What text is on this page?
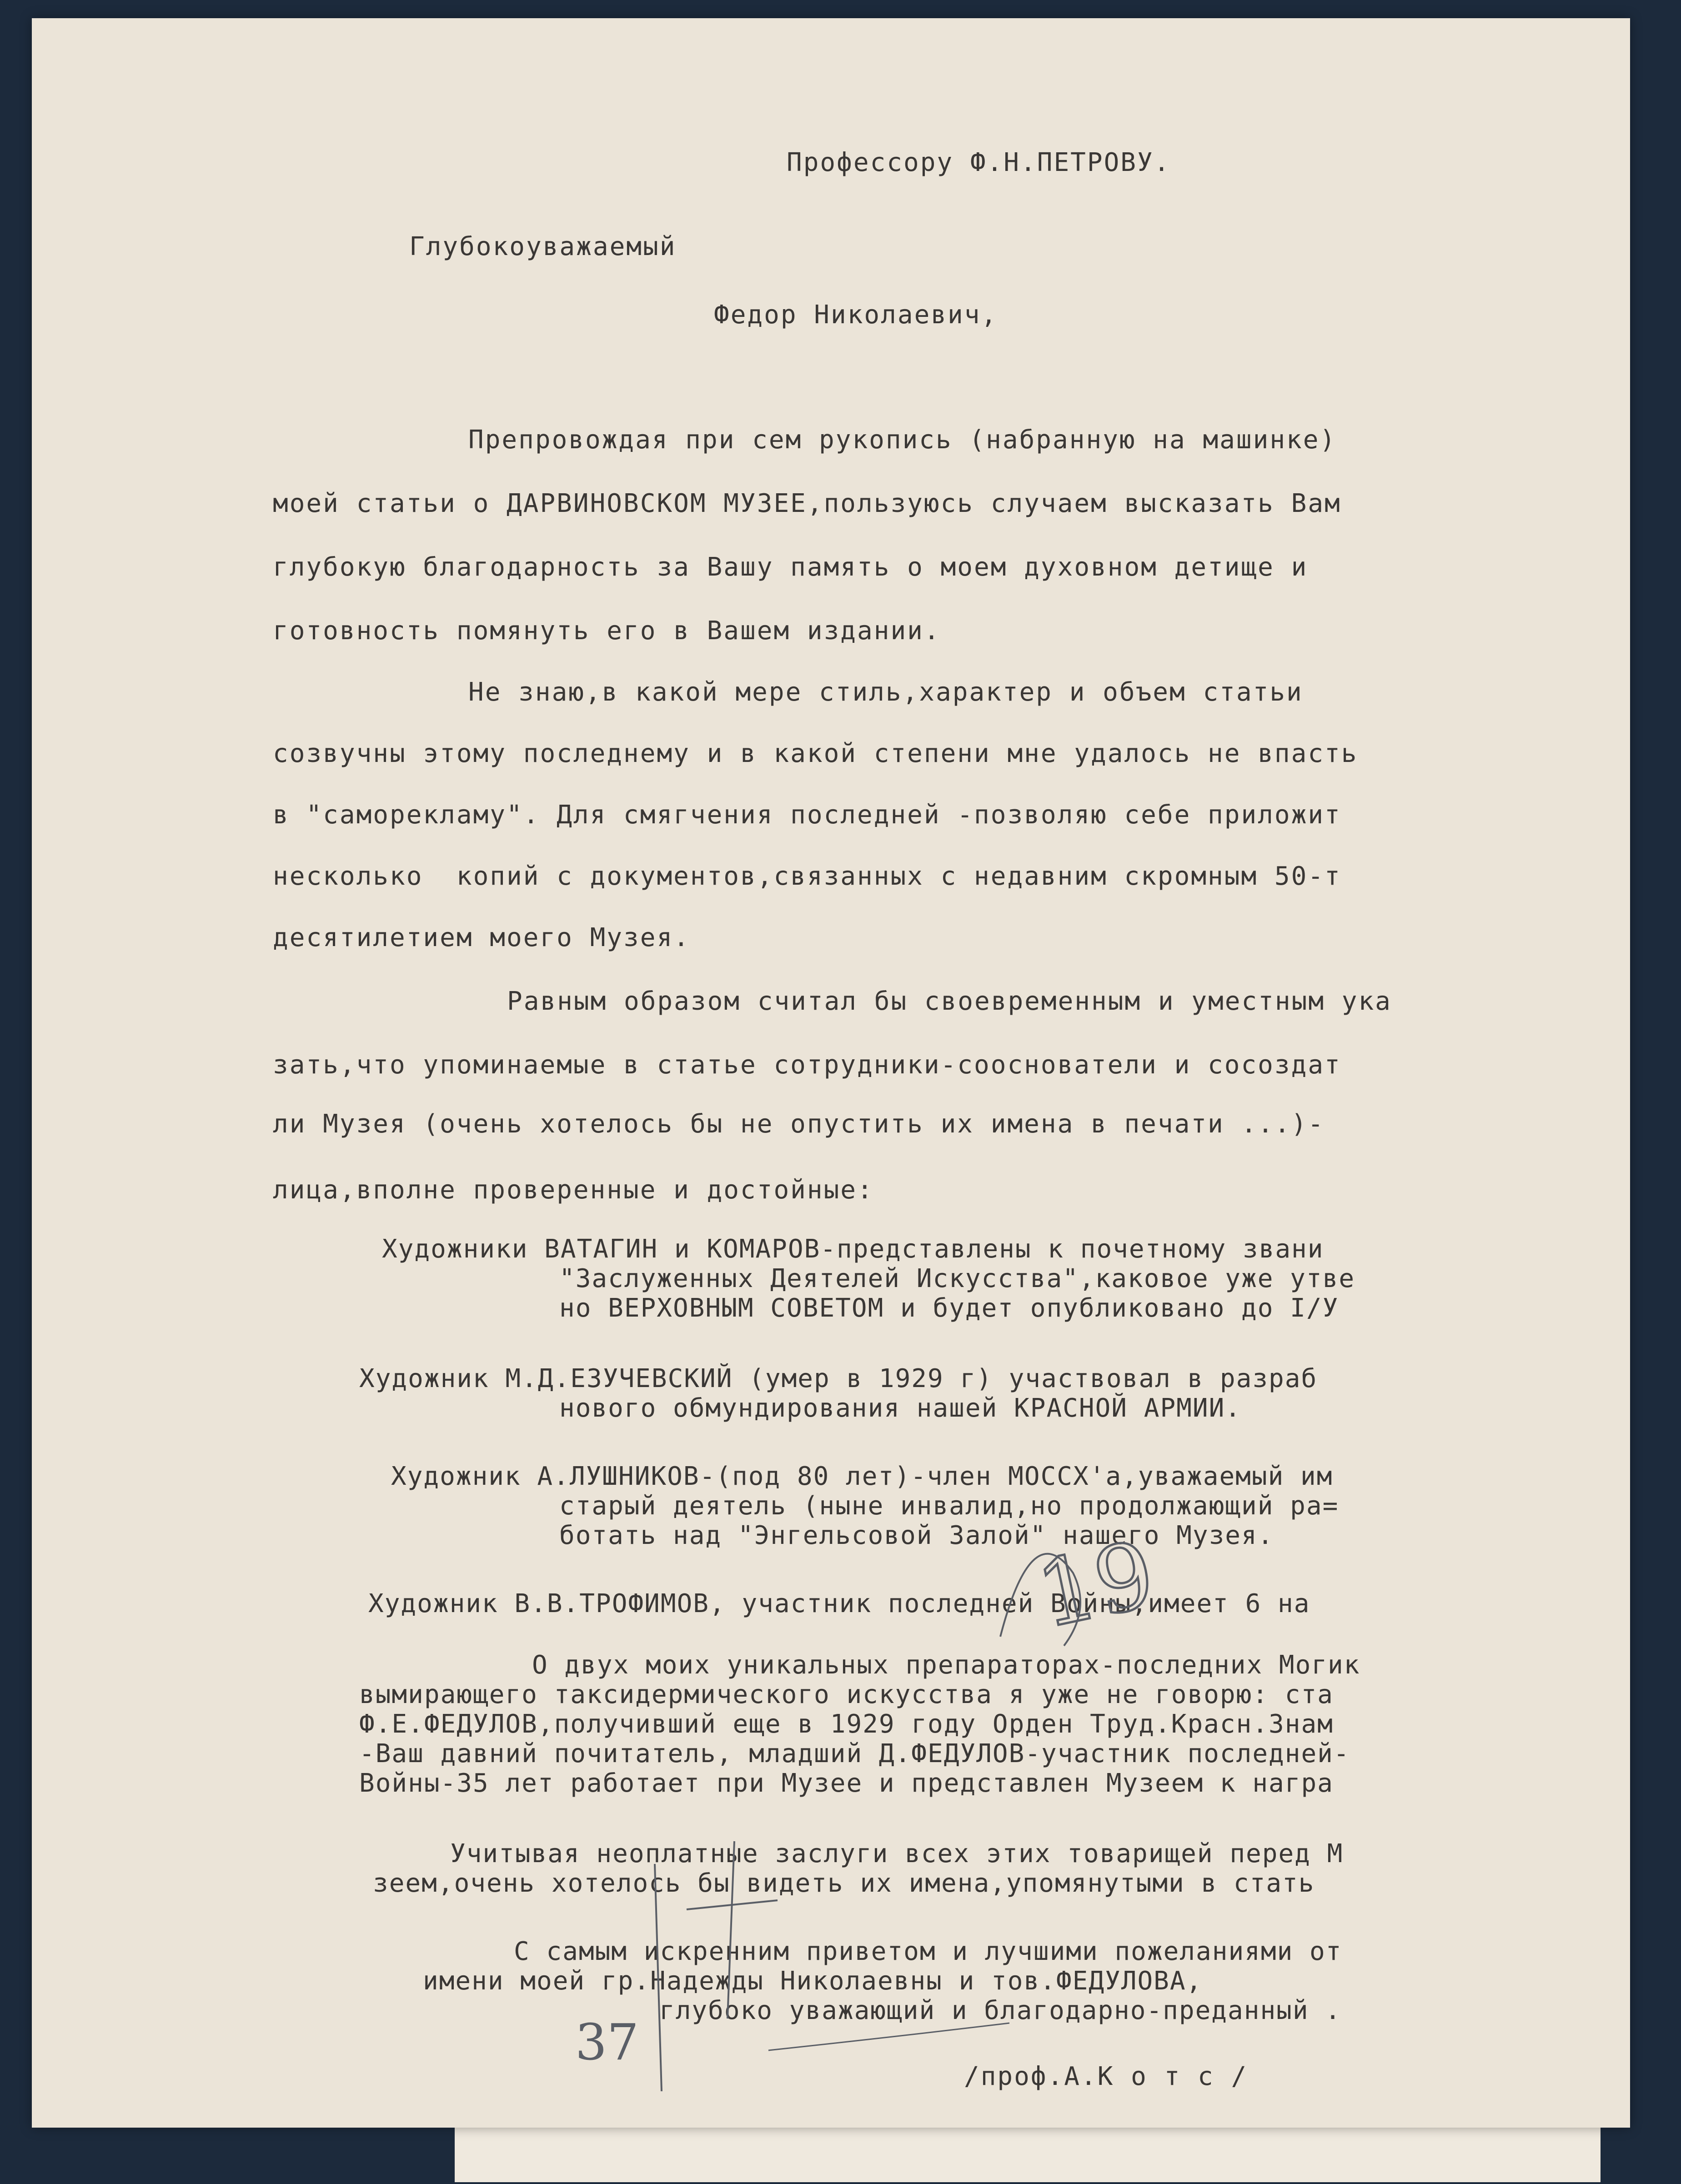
Профессору Ф.Н.ПЕТРОВУ.

Глубокоуважаемый

Федор Николаевич,

Препровождая при сем рукопись (набранную на машинке)

моей статьи о ДАРВИНОВСКОМ МУЗЕЕ,пользуюсь случаем высказать Вам

глубокую благодарность за Вашу память о моем духовном детище и

готовность помянуть его в Вашем издании.

Не знаю,в какой мере стиль,характер и объем статьи

созвучны этому последнему и в какой степени мне удалось не впасть

в "саморекламу". Для смягчения последней -позволяю себе приложит

несколько  копий с документов,связанных с недавним скромным 50-т

десятилетием моего Музея.

Равным образом считал бы своевременным и уместным ука

зать,что упоминаемые в статье сотрудники-сооснователи и сосоздат

ли Музея (очень хотелось бы не опустить их имена в печати ...)-

лица,вполне проверенные и достойные:

Художники ВАТАГИН и КОМАРОВ-представлены к почетному звани

"Заслуженных Деятелей Искусства",каковое уже утве

но ВЕРХОВНЫМ СОВЕТОМ и будет опубликовано до I/У

Художник М.Д.ЕЗУЧЕВСКИЙ (умер в 1929 г) участвовал в разраб

нового обмундирования нашей КРАСНОЙ АРМИИ.

Художник А.ЛУШНИКОВ-(под 80 лет)-член МОССХ'а,уважаемый им

старый деятель (ныне инвалид,но продолжающий ра=

ботать над "Энгельсовой Залой" нашего Музея.

Художник В.В.ТРОФИМОВ, участник последней Войны,имеет 6 на

О двух моих уникальных препараторах-последних Могик

вымирающего таксидермического искусства я уже не говорю: ста

Ф.Е.ФЕДУЛОВ,получивший еще в 1929 году Орден Труд.Красн.Знам

-Ваш давний почитатель, младший Д.ФЕДУЛОВ-участник последней-

Войны-35 лет работает при Музее и представлен Музеем к награ

Учитывая неоплатные заслуги всех этих товарищей перед М

зеем,очень хотелось бы видеть их имена,упомянутыми в стать

С самым искренним приветом и лучшими пожеланиями от

имени моей гр.Надежды Николаевны и тов.ФЕДУЛОВА,

глубоко уважающий и благодарно-преданный .

/проф.А.К о т с /

19
37
